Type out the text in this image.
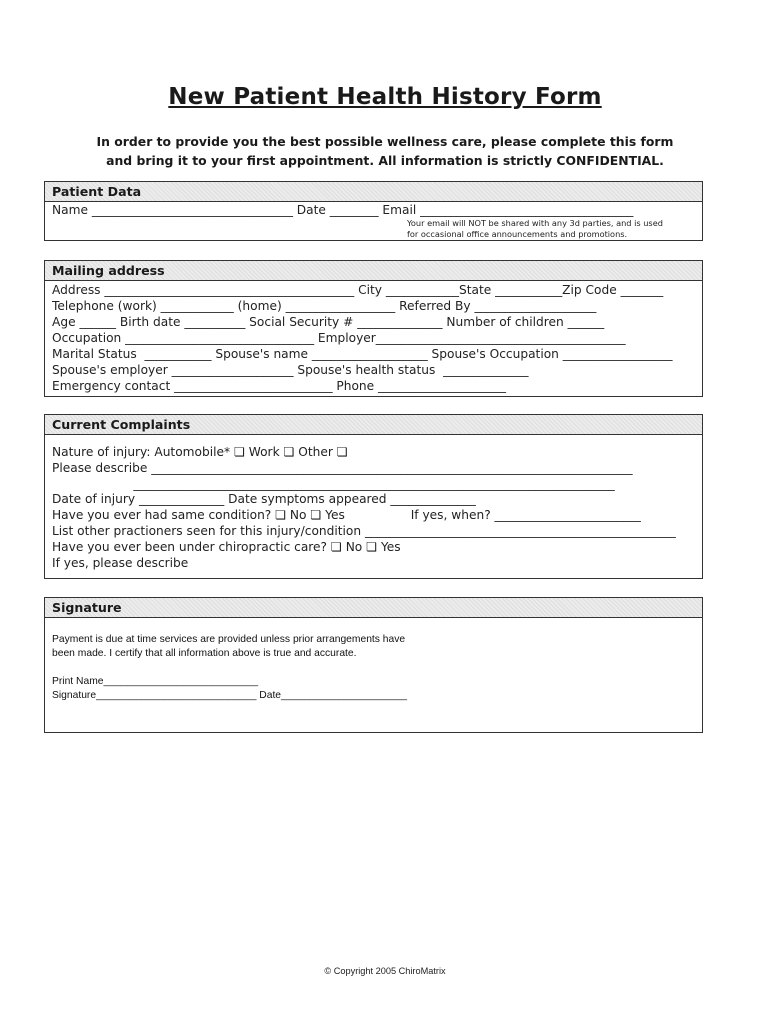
New Patient Health History Form
In order to provide you the best possible wellness care, please complete this form
and bring it to your first appointment. All information is strictly CONFIDENTIAL.
Patient Data
Name _________________________________ Date ________ Email ___________________________________
Your email will NOT be shared with any 3d parties, and is used
for occasional office announcements and promotions.
Mailing address
Address _________________________________________ City ____________State ___________Zip Code _______
Telephone (work) ____________ (home) __________________ Referred By ____________________
Age ______ Birth date __________ Social Security # ______________ Number of children ______
Occupation _______________________________ Employer_________________________________________
Marital Status  ___________ Spouse's name ___________________ Spouse's Occupation __________________
Spouse's employer ____________________ Spouse's health status  ______________
Emergency contact __________________________ Phone _____________________
Current Complaints
Nature of injury: Automobile* ❏ Work ❏ Other ❏
Please describe _______________________________________________________________________________
_______________________________________________________________________________
Date of injury ______________ Date symptoms appeared ______________
Have you ever had same condition? ❏ No ❏ Yes                 If yes, when? ________________________
List other practioners seen for this injury/condition ___________________________________________________
Have you ever been under chiropractic care? ❏ No ❏ Yes
If yes, please describe
Signature
Payment is due at time services are provided unless prior arrangements have
been made. I certify that all information above is true and accurate.
Print Name___________________________
Signature____________________________ Date______________________
© Copyright 2005 ChiroMatrix
